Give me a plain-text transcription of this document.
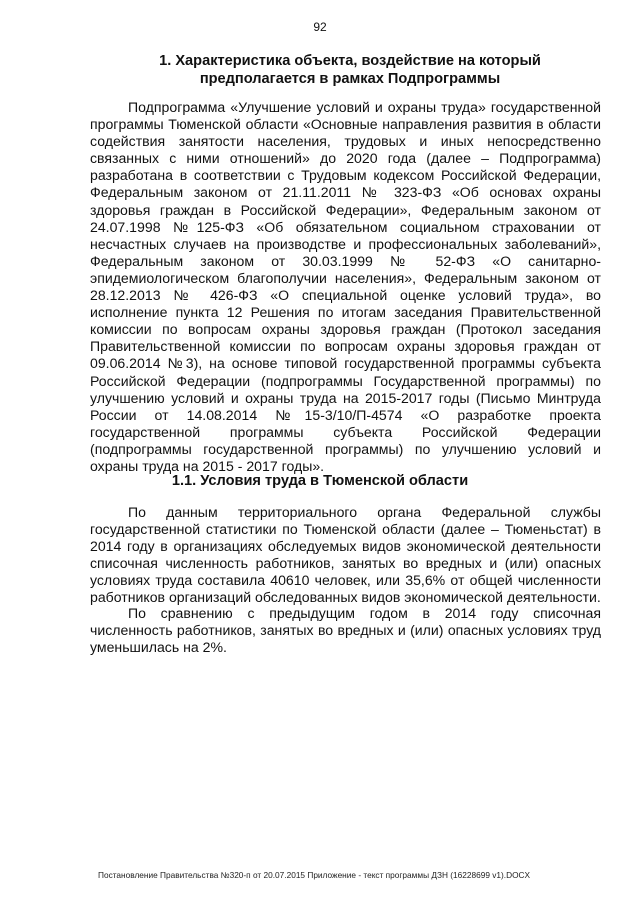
92
1. Характеристика объекта, воздействие на который предполагается в рамках Подпрограммы

Подпрограмма «Улучшение условий и охраны труда» государственной программы Тюменской области «Основные направления развития в области содействия занятости населения, трудовых и иных непосредственно связанных с ними отношений» до 2020 года (далее – Подпрограмма) разработана в соответствии с Трудовым кодексом Российской Федерации, Федеральным законом от 21.11.2011 № 323-ФЗ «Об основах охраны здоровья граждан в Российской Федерации», Федеральным законом от 24.07.1998 №125-ФЗ «Об обязательном социальном страховании от несчастных случаев на производстве и профессиональных заболеваний», Федеральным законом от 30.03.1999 № 52-ФЗ «О санитарно-эпидемиологическом благополучии населения», Федеральным законом от 28.12.2013 № 426-ФЗ «О специальной оценке условий труда», во исполнение пункта 12 Решения по итогам заседания Правительственной комиссии по вопросам охраны здоровья граждан (Протокол заседания Правительственной комиссии по вопросам охраны здоровья граждан от 09.06.2014 №3), на основе типовой государственной программы субъекта Российской Федерации (подпрограммы Государственной программы) по улучшению условий и охраны труда на 2015-2017 годы (Письмо Минтруда России от 14.08.2014 №15-3/10/П-4574 «О разработке проекта государственной программы субъекта Российской Федерации (подпрограммы государственной программы) по улучшению условий и охраны труда на 2015 - 2017 годы».

1.1. Условия труда в Тюменской области

По данным территориального органа Федеральной службы государственной статистики по Тюменской области (далее – Тюменьстат) в 2014 году в организациях обследуемых видов экономической деятельности списочная численность работников, занятых во вредных и (или) опасных условиях труда составила 40610 человек, или 35,6% от общей численности работников организаций обследованных видов экономической деятельности.

По сравнению с предыдущим годом в 2014 году списочная численность работников, занятых во вредных и (или) опасных условиях труд уменьшилась на 2%.

Постановление Правительства №320-п от 20.07.2015 Приложение - текст программы ДЗН (16228699 v1).DOCX
